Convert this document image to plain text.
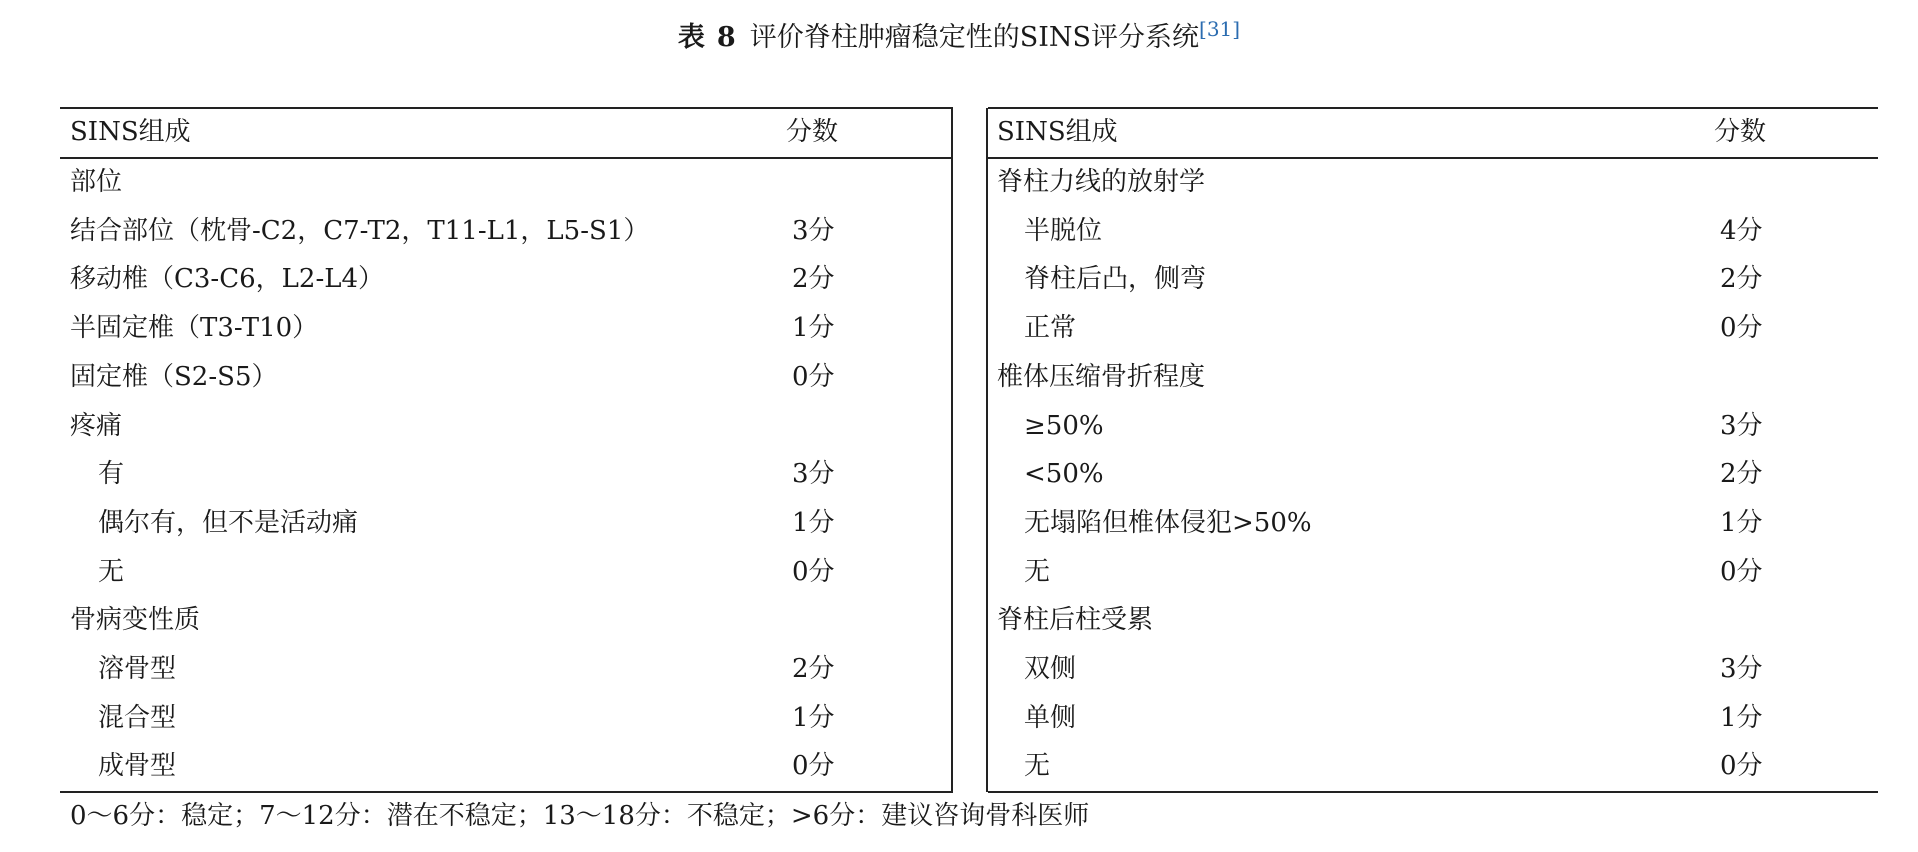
表 8 评价脊柱肿瘤稳定性的SINS评分系统[31]
SINS组成	分数
部位
结合部位（枕骨-C2，C7-T2，T11-L1，L5-S1）	3分
移动椎（C3-C6，L2-L4）	2分
半固定椎（T3-T10）	1分
固定椎（S2-S5）	0分
疼痛
有	3分
偶尔有，但不是活动痛	1分
无	0分
骨病变性质
溶骨型	2分
混合型	1分
成骨型	0分
SINS组成	分数
脊柱力线的放射学
半脱位	4分
脊柱后凸，侧弯	2分
正常	0分
椎体压缩骨折程度
≥50%	3分
<50%	2分
无塌陷但椎体侵犯>50%	1分
无	0分
脊柱后柱受累
双侧	3分
单侧	1分
无	0分
0～6分：稳定；7～12分：潜在不稳定；13～18分：不稳定；>6分：建议咨询骨科医师
